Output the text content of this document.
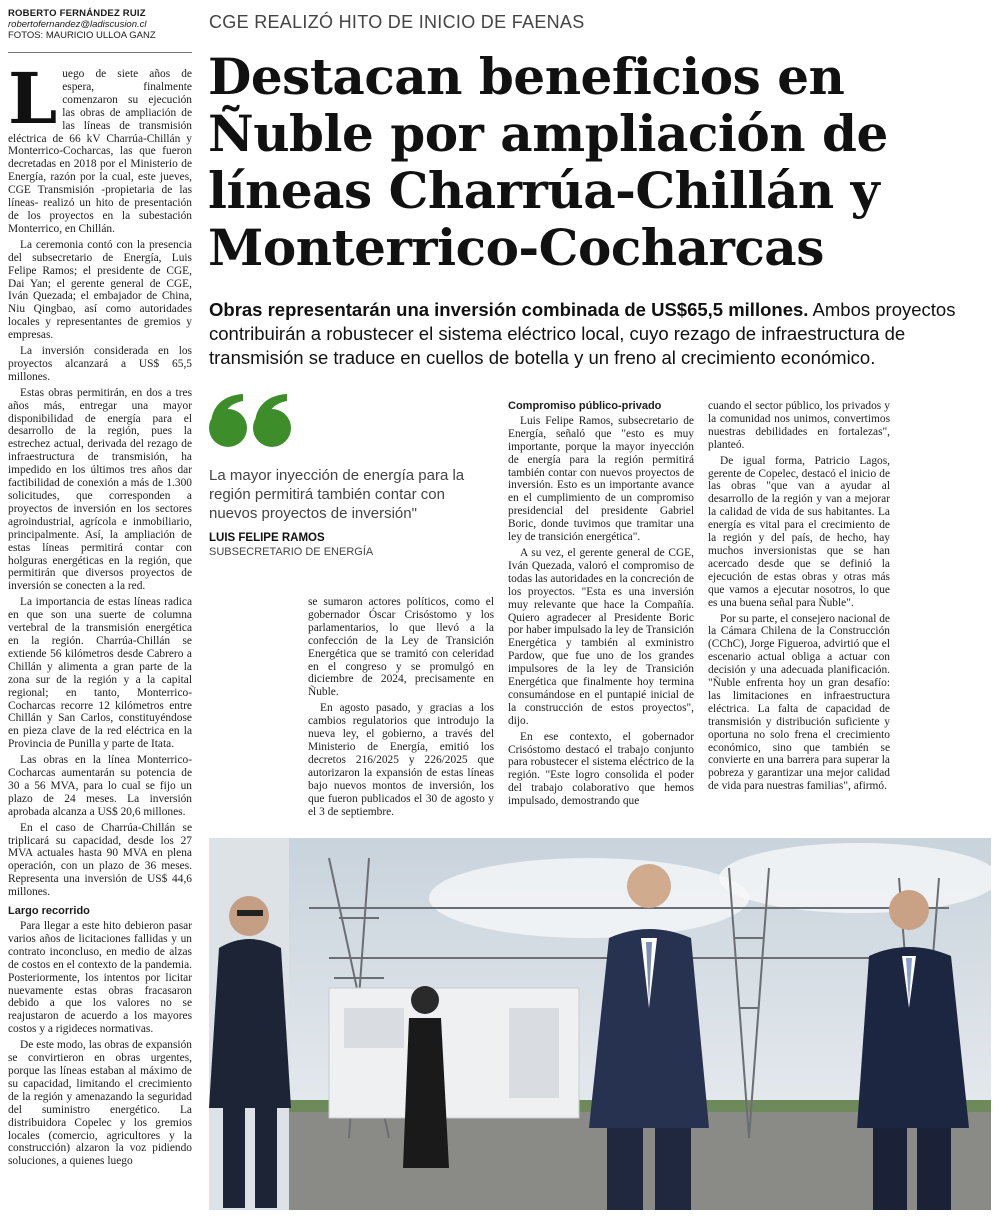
ROBERTO FERNÁNDEZ RUIZ
robertofernandez@ladiscusion.cl
FOTOS: MAURICIO ULLOA GANZ
CGE REALIZÓ HITO DE INICIO DE FAENAS
Destacan beneficios en Ñuble por ampliación de líneas Charrúa-Chillán y Monterrico-Cocharcas
Obras representarán una inversión combinada de US$65,5 millones. Ambos proyectos contribuirán a robustecer el sistema eléctrico local, cuyo rezago de infraestructura de transmisión se traduce en cuellos de botella y un freno al crecimiento económico.
L uego de siete años de espera, finalmente comenzaron su ejecución las obras de ampliación de las líneas de transmisión eléctrica de 66 kV Charrúa-Chillán y Monterrico-Cocharcas, las que fueron decretadas en 2018 por el Ministerio de Energía, razón por la cual, este jueves, CGE Transmisión -propietaria de las líneas- realizó un hito de presentación de los proyectos en la subestación Monterrico, en Chillán.

La ceremonia contó con la presencia del subsecretario de Energía, Luis Felipe Ramos; el presidente de CGE, Dai Yan; el gerente general de CGE, Iván Quezada; el embajador de China, Niu Qingbao, así como autoridades locales y representantes de gremios y empresas.

La inversión considerada en los proyectos alcanzará a US$ 65,5 millones.

Estas obras permitirán, en dos a tres años más, entregar una mayor disponibilidad de energía para el desarrollo de la región, pues la estrechez actual, derivada del rezago de infraestructura de transmisión, ha impedido en los últimos tres años dar factibilidad de conexión a más de 1.300 solicitudes, que corresponden a proyectos de inversión en los sectores agroindustrial, agrícola e inmobiliario, principalmente. Así, la ampliación de estas líneas permitirá contar con holguras energéticas en la región, que permitirán que diversos proyectos de inversión se conecten a la red.

La importancia de estas líneas radica en que son una suerte de columna vertebral de la transmisión energética en la región. Charrúa-Chillán se extiende 56 kilómetros desde Cabrero a Chillán y alimenta a gran parte de la zona sur de la región y a la capital regional; en tanto, Monterrico-Cocharcas recorre 12 kilómetros entre Chillán y San Carlos, constituyéndose en pieza clave de la red eléctrica en la Provincia de Punilla y parte de Itata.

Las obras en la línea Monterrico-Cocharcas aumentarán su potencia de 30 a 56 MVA, para lo cual se fijo un plazo de 24 meses. La inversión aprobada alcanza a US$ 20,6 millones.

En el caso de Charrúa-Chillán se triplicará su capacidad, desde los 27 MVA actuales hasta 90 MVA en plena operación, con un plazo de 36 meses. Representa una inversión de US$ 44,6 millones.

Largo recorrido

Para llegar a este hito debieron pasar varios años de licitaciones fallidas y un contrato inconcluso, en medio de alzas de costos en el contexto de la pandemia. Posteriormente, los intentos por licitar nuevamente estas obras fracasaron debido a que los valores no se reajustaron de acuerdo a los mayores costos y a rigideces normativas.

De este modo, las obras de expansión se convirtieron en obras urgentes, porque las líneas estaban al máximo de su capacidad, limitando el crecimiento de la región y amenazando la seguridad del suministro energético. La distribuidora Copelec y los gremios locales (comercio, agricultores y la construcción) alzaron la voz pidiendo soluciones, a quienes luego

La mayor inyección de energía para la región permitirá también contar con nuevos proyectos de inversión"
LUIS FELIPE RAMOS
SUBSECRETARIO DE ENERGÍA

se sumaron actores políticos, como el gobernador Óscar Crisóstomo y los parlamentarios, lo que llevó a la confección de la Ley de Transición Energética que se tramitó con celeridad en el congreso y se promulgó en diciembre de 2024, precisamente en Ñuble.

En agosto pasado, y gracias a los cambios regulatorios que introdujo la nueva ley, el gobierno, a través del Ministerio de Energía, emitió los decretos 216/2025 y 226/2025 que autorizaron la expansión de estas líneas bajo nuevos montos de inversión, los que fueron publicados el 30 de agosto y el 3 de septiembre.

Compromiso público-privado

Luis Felipe Ramos, subsecretario de Energía, señaló que "esto es muy importante, porque la mayor inyección de energía para la región permitirá también contar con nuevos proyectos de inversión. Esto es un importante avance en el cumplimiento de un compromiso presidencial del presidente Gabriel Boric, donde tuvimos que tramitar una ley de transición energética".

A su vez, el gerente general de CGE, Iván Quezada, valoró el compromiso de todas las autoridades en la concreción de los proyectos. "Esta es una inversión muy relevante que hace la Compañía. Quiero agradecer al Presidente Boric por haber impulsado la ley de Transición Energética y también al exministro Pardow, que fue uno de los grandes impulsores de la ley de Transición Energética que finalmente hoy termina consumándose en el puntapié inicial de la construcción de estos proyectos", dijo.

En ese contexto, el gobernador Crisóstomo destacó el trabajo conjunto para robustecer el sistema eléctrico de la región. "Este logro consolida el poder del trabajo colaborativo que hemos impulsado, demostrando que

cuando el sector público, los privados y la comunidad nos unimos, convertimos nuestras debilidades en fortalezas", planteó.

De igual forma, Patricio Lagos, gerente de Copelec, destacó el inicio de las obras "que van a ayudar al desarrollo de la región y van a mejorar la calidad de vida de sus habitantes. La energía es vital para el crecimiento de la región y del país, de hecho, hay muchos inversionistas que se han acercado desde que se definió la ejecución de estas obras y otras más que vamos a ejecutar nosotros, lo que es una buena señal para Ñuble".

Por su parte, el consejero nacional de la Cámara Chilena de la Construcción (CChC), Jorge Figueroa, advirtió que el escenario actual obliga a actuar con decisión y una adecuada planificación. "Ñuble enfrenta hoy un gran desafío: las limitaciones en infraestructura eléctrica. La falta de capacidad de transmisión y distribución suficiente y oportuna no solo frena el crecimiento económico, sino que también se convierte en una barrera para superar la pobreza y garantizar una mejor calidad de vida para nuestras familias", afirmó.
